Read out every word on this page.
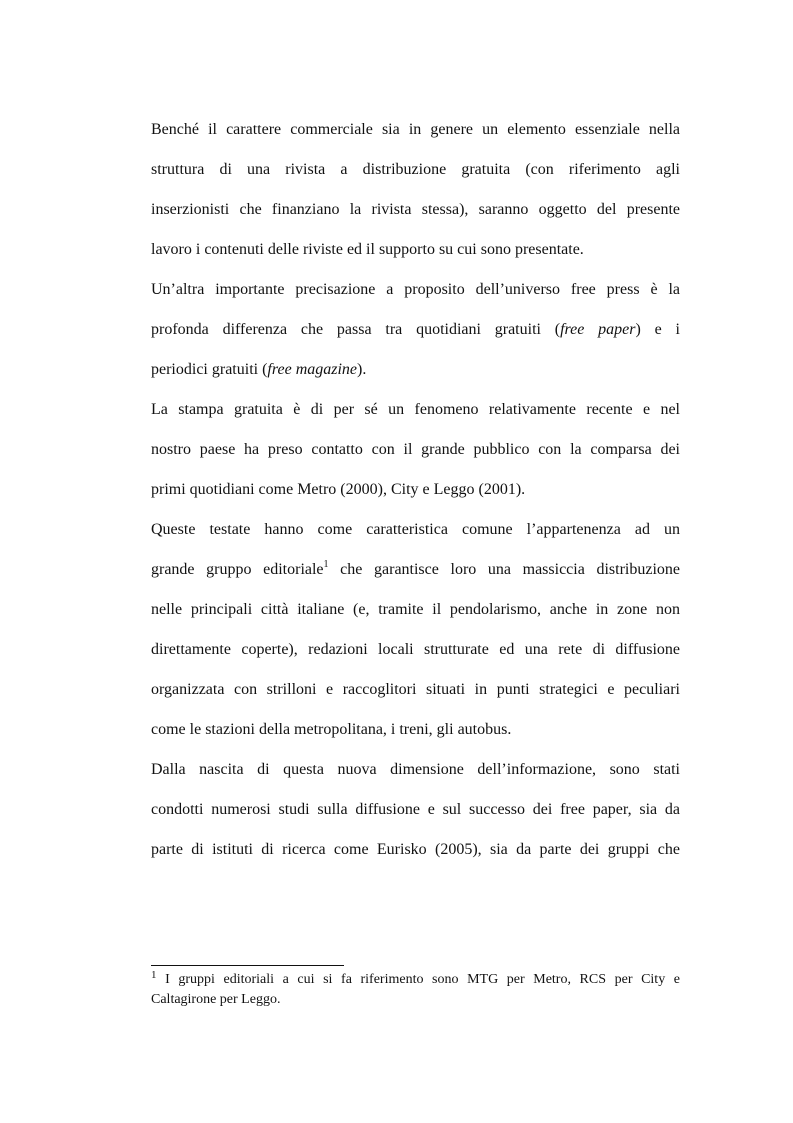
Benché il carattere commerciale sia in genere un elemento essenziale nella
struttura di una rivista a distribuzione gratuita (con riferimento agli
inserzionisti che finanziano la rivista stessa), saranno oggetto del presente
lavoro i contenuti delle riviste ed il supporto su cui sono presentate.
Un’altra importante precisazione a proposito dell’universo free press è la
profonda differenza che passa tra quotidiani gratuiti (free paper) e i
periodici gratuiti (free magazine).
La stampa gratuita è di per sé un fenomeno relativamente recente e nel
nostro paese ha preso contatto con il grande pubblico con la comparsa dei
primi quotidiani come Metro (2000), City e Leggo (2001).
Queste testate hanno come caratteristica comune l’appartenenza ad un
grande gruppo editoriale$^1$ che garantisce loro una massiccia distribuzione
nelle principali città italiane (e, tramite il pendolarismo, anche in zone non
direttamente coperte), redazioni locali strutturate ed una rete di diffusione
organizzata con strilloni e raccoglitori situati in punti strategici e peculiari
come le stazioni della metropolitana, i treni, gli autobus.
Dalla nascita di questa nuova dimensione dell’informazione, sono stati
condotti numerosi studi sulla diffusione e sul successo dei free paper, sia da
parte di istituti di ricerca come Eurisko (2005), sia da parte dei gruppi che
$^1$ I gruppi editoriali a cui si fa riferimento sono MTG per Metro, RCS per City e
Caltagirone per Leggo.
